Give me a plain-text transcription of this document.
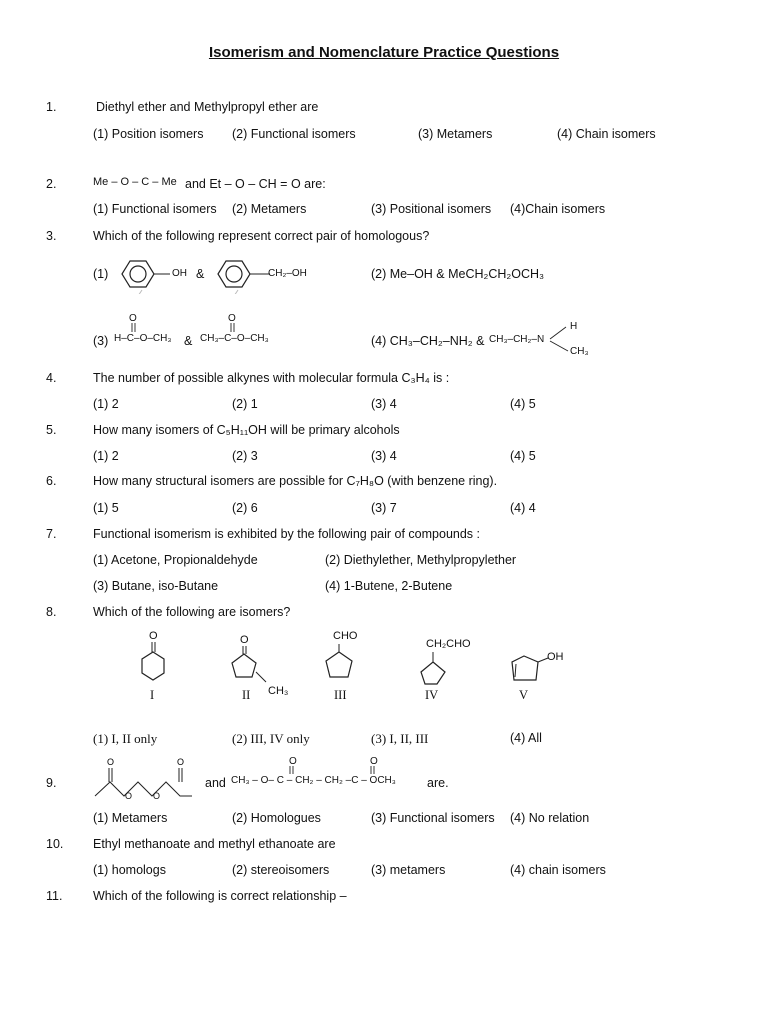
Isomerism and Nomenclature Practice Questions
1.	Diethyl ether and Methylpropyl ether are
(1) Position isomers (2) Functional isomers	(3) Metamers	(4) Chain isomers
2.	Me – O – C – Me and Et – O – CH = O are:
(1) Functional isomers (2) Metamers	(3) Positional isomers (4)Chain isomers
3.	Which of the following represent correct pair of homologous?
(1)	OH &	CH₂–OH	(2) Me–OH & MeCH₂CH₂OCH₃
(3)
O
H–C–O–CH₃ &
O
CH₃–C–O–CH₃	(4) CH₃–CH₂–NH₂ & CH₃–CH₂–N
H
CH₃
4.	The number of possible alkynes with molecular formula C₃H₄ is :
(1) 2	(2) 1	(3) 4	(4) 5
5.	How many isomers of C₅H₁₁OH will be primary alcohols
(1) 2	(2) 3	(3) 4	(4) 5
6.	How many structural isomers are possible for C₇H₈O (with benzene ring).
(1) 5	(2) 6	(3) 7	(4) 4
7.	Functional isomerism is exhibited by the following pair of compounds :
(1) Acetone, Propionaldehyde	(2) Diethylether, Methylpropylether
(3) Butane, iso-Butane	(4) 1-Butene, 2-Butene
8.	Which of the following are isomers?
O
I
O
CH₃
II
CHO
III
CH₂CHO
IV
OH
V
(1) I, II only	(2) III, IV only	(3) I, II, III	(4) All
9.
O	O
. O O
and
O	O
CH₃ – O– C – CH₂ – CH₂ –C – OCH₃ are.
(1) Metamers	(2) Homologues	(3) Functional isomers (4) No relation
10. Ethyl methanoate and methyl ethanoate are
(1) homologs	(2) stereoisomers	(3) metamers	(4) chain isomers
11. Which of the following is correct relationship –
